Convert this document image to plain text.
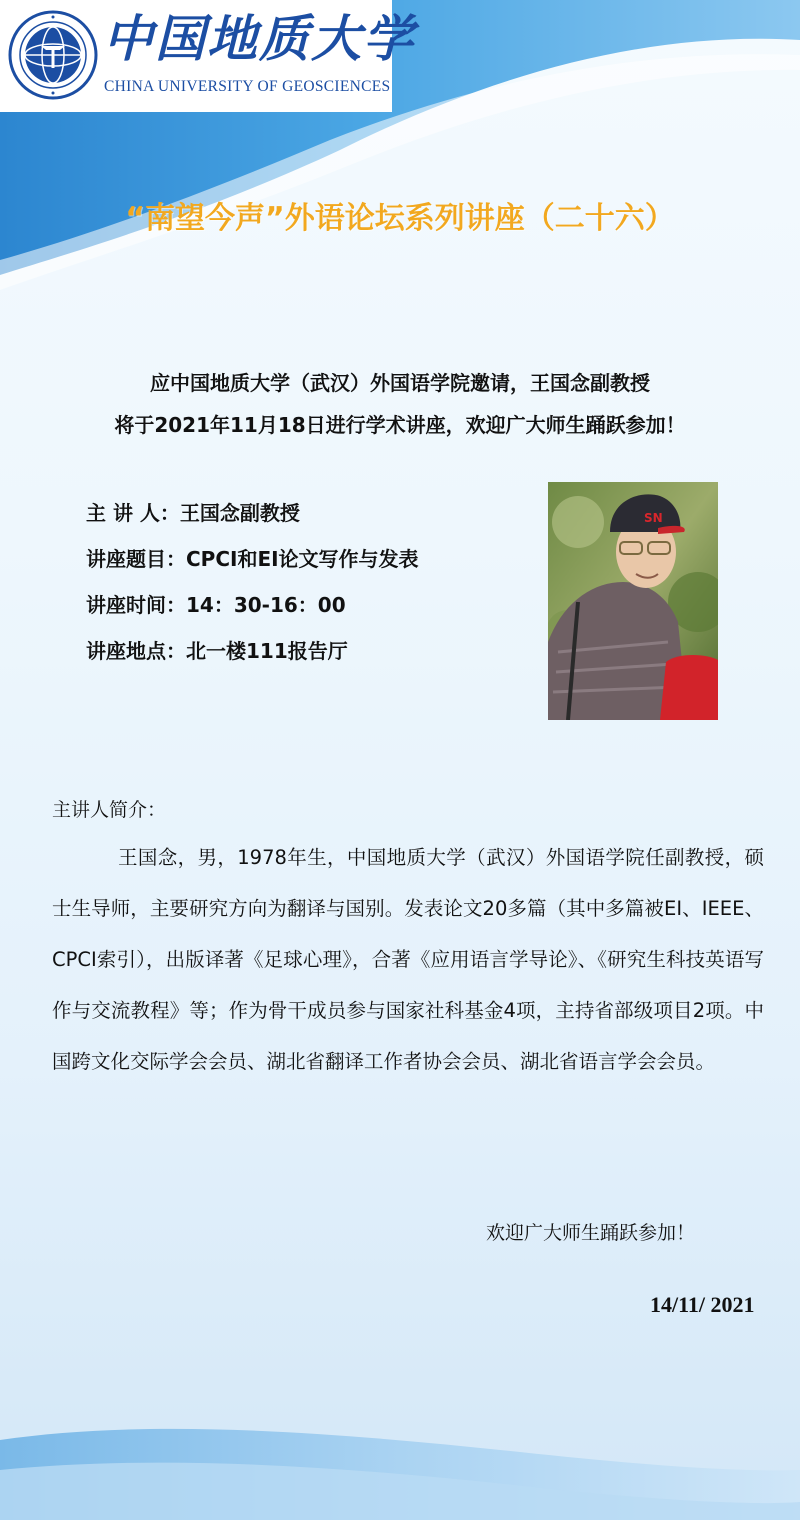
中国地质大学
CHINA UNIVERSITY OF GEOSCIENCES
“南望今声”外语论坛系列讲座（二十六）
应中国地质大学（武汉）外国语学院邀请，王国念副教授
将于2021年11月18日进行学术讲座，欢迎广大师生踊跃参加！
主 讲 人：王国念副教授
讲座题目：CPCI和EI论文写作与发表
讲座时间：14：30-16：00
讲座地点：北一楼111报告厅
SN
主讲人简介：
王国念，男，1978年生，中国地质大学（武汉）外国语学院任副教授，硕士生导师，主要研究方向为翻译与国别。发表论文20多篇（其中多篇被EI、IEEE、CPCI索引），出版译著《足球心理》，合著《应用语言学导论》、《研究生科技英语写作与交流教程》等；作为骨干成员参与国家社科基金4项，主持省部级项目2项。中国跨文化交际学会会员、湖北省翻译工作者协会会员、湖北省语言学会会员。
欢迎广大师生踊跃参加！
14/11/ 2021
